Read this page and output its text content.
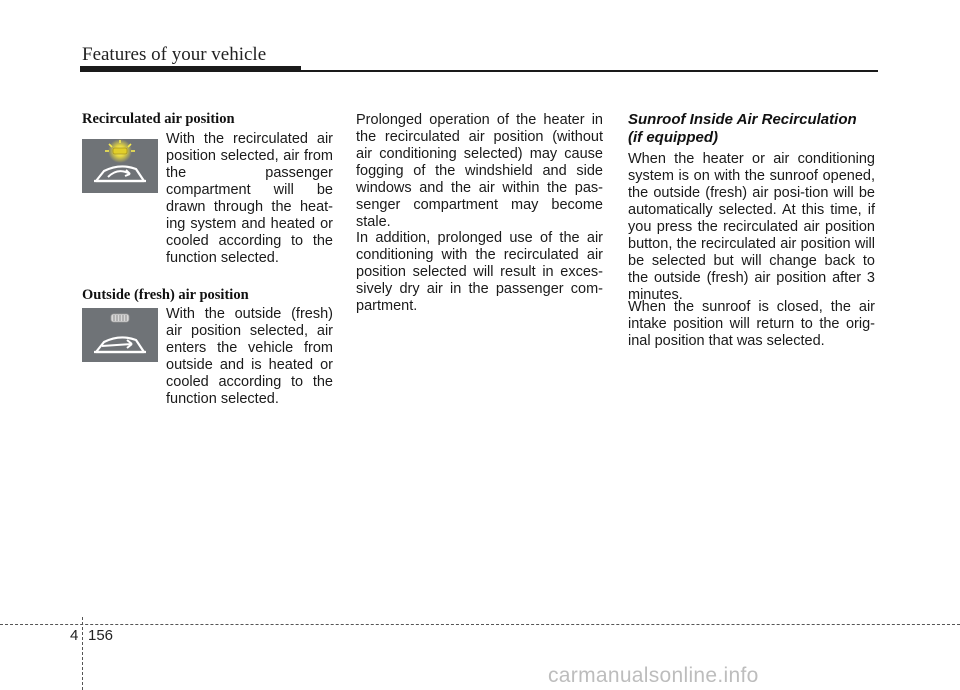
Features of your vehicle
Recirculated air position
With the recirculated air position selected, air from the passenger compartment will be drawn through the heat-ing system and heated or cooled according to the function selected.
Outside (fresh) air position
With the outside (fresh) air position selected, air enters the vehicle from outside and is heated or cooled according to the function selected.

Prolonged operation of the heater in the recirculated air position (without air conditioning selected) may cause fogging of the windshield and side windows and the air within the pas-senger compartment may become stale.

In addition, prolonged use of the air conditioning with the recirculated air position selected will result in exces-sively dry air in the passenger com-partment.

Sunroof Inside Air Recirculation
(if equipped)

When the heater or air conditioning system is on with the sunroof opened, the outside (fresh) air posi-tion will be automatically selected. At this time, if you press the recirculated air position button, the recirculated air position will be selected but will change back to the outside (fresh) air position after 3 minutes.

When the sunroof is closed, the air intake position will return to the orig-inal position that was selected.

4 156
carmanualsonline.info
